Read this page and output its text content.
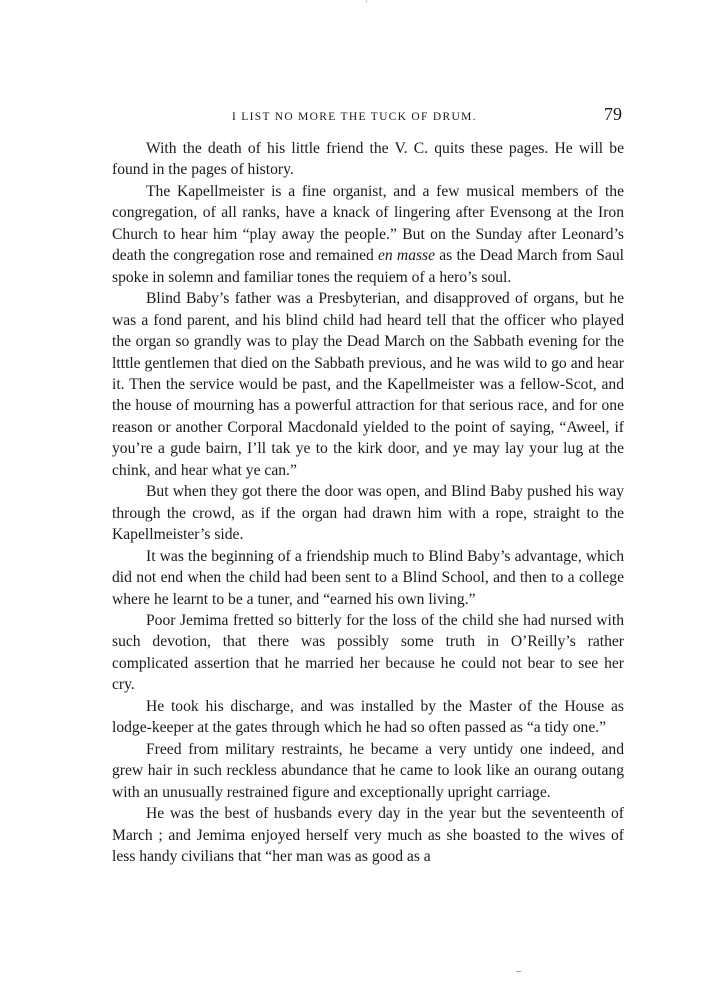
ʾ
I LIST NO MORE THE TUCK OF DRUM.	79

With the death of his little friend the V. C. quits these pages. He will be found in the pages of history.

The Kapellmeister is a fine organist, and a few musical members of the congregation, of all ranks, have a knack of lingering after Evensong at the Iron Church to hear him “play away the people.” But on the Sunday after Leonard’s death the congregation rose and remained en masse as the Dead March from Saul spoke in solemn and familiar tones the requiem of a hero’s soul.

Blind Baby’s father was a Presbyterian, and disapproved of organs, but he was a fond parent, and his blind child had heard tell that the officer who played the organ so grandly was to play the Dead March on the Sabbath evening for the ltttle gentlemen that died on the Sabbath previous, and he was wild to go and hear it. Then the service would be past, and the Kapellmeister was a fellow-Scot, and the house of mourning has a powerful attraction for that serious race, and for one reason or another Corporal Macdonald yielded to the point of saying, “Aweel, if you’re a gude bairn, I’ll tak ye to the kirk door, and ye may lay your lug at the chink, and hear what ye can.”

But when they got there the door was open, and Blind Baby pushed his way through the crowd, as if the organ had drawn him with a rope, straight to the Kapellmeister’s side.

It was the beginning of a friendship much to Blind Baby’s advantage, which did not end when the child had been sent to a Blind School, and then to a college where he learnt to be a tuner, and “earned his own living.”

Poor Jemima fretted so bitterly for the loss of the child she had nursed with such devotion, that there was possibly some truth in O’Reilly’s rather complicated assertion that he married her because he could not bear to see her cry.

He took his discharge, and was installed by the Master of the House as lodge-keeper at the gates through which he had so often passed as “a tidy one.”

Freed from military restraints, he became a very untidy one indeed, and grew hair in such reckless abundance that he came to look like an ourang outang with an unusually restrained figure and exceptionally upright carriage.

He was the best of husbands every day in the year but the seventeenth of March ; and Jemima enjoyed herself very much as she boasted to the wives of less handy civilians that “her man was as good as a

–
